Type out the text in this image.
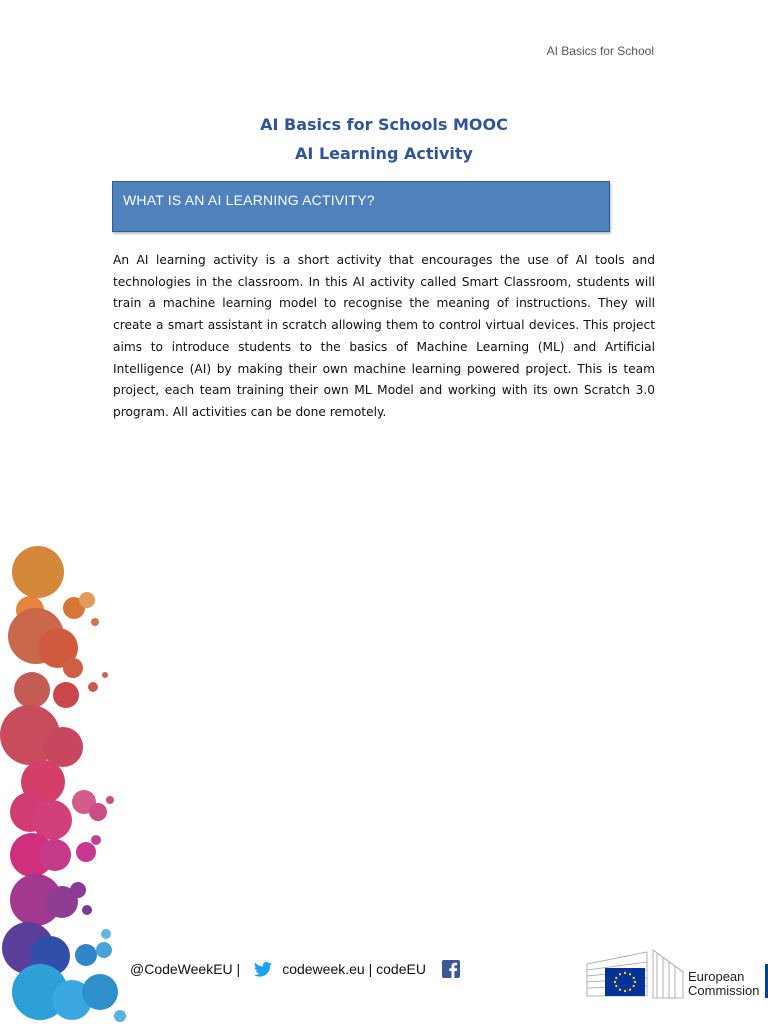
AI Basics for School
AI Basics for Schools MOOC
AI Learning Activity
WHAT IS AN AI LEARNING ACTIVITY?

An AI learning activity is a short activity that encourages the use of AI tools and technologies in the classroom. In this AI activity called Smart Classroom, students will train a machine learning model to recognise the meaning of instructions. They will create a smart assistant in scratch allowing them to control virtual devices. This project aims to introduce students to the basics of Machine Learning (ML) and Artificial Intelligence (AI) by making their own machine learning powered project. This is team project, each team training their own ML Model and working with its own Scratch 3.0 program. All activities can be done remotely.

@CodeWeekEU |	codeweek.eu | codeEU	European
Commission
